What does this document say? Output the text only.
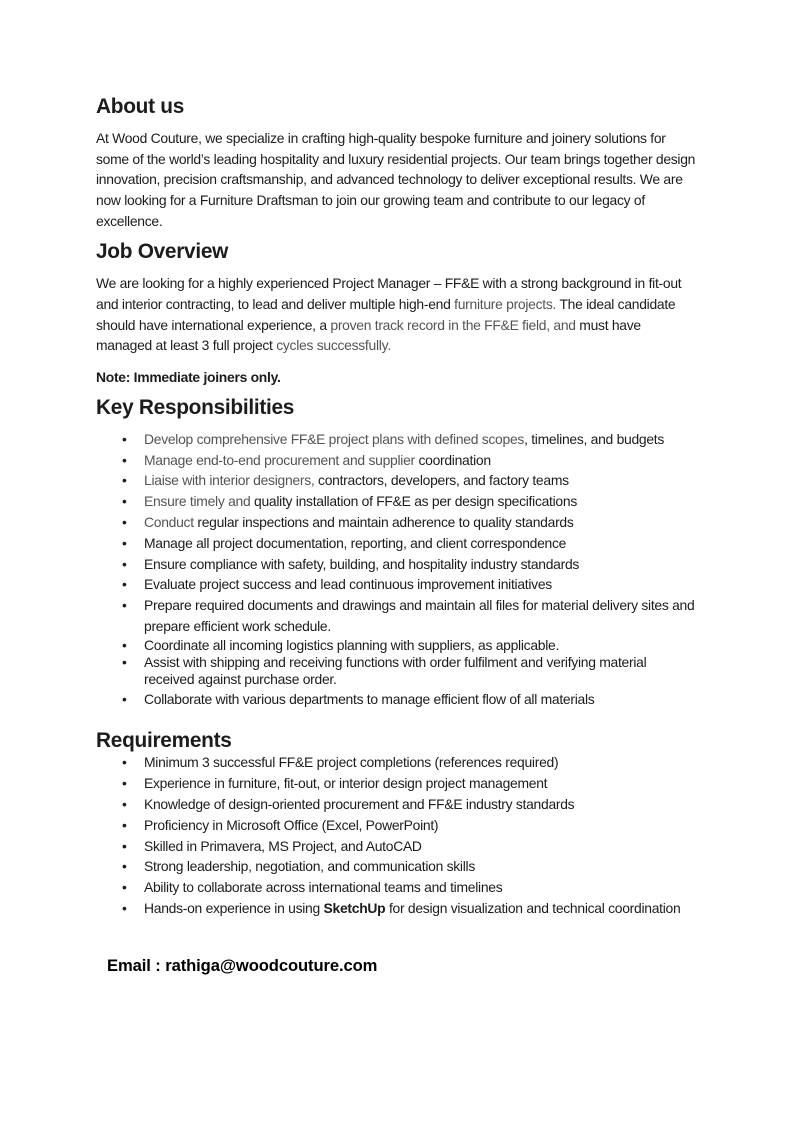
About us

At Wood Couture, we specialize in crafting high-quality bespoke furniture and joinery solutions for some of the world’s leading hospitality and luxury residential projects. Our team brings together design innovation, precision craftsmanship, and advanced technology to deliver exceptional results. We are now looking for a Furniture Draftsman to join our growing team and contribute to our legacy of excellence.

Job Overview

We are looking for a highly experienced Project Manager – FF&E with a strong background in fit-out and interior contracting, to lead and deliver multiple high-end furniture projects. The ideal candidate should have international experience, a proven track record in the FF&E field, and must have managed at least 3 full project cycles successfully.

Note: Immediate joiners only.

Key Responsibilities
• Develop comprehensive FF&E project plans with defined scopes, timelines, and budgets
• Manage end-to-end procurement and supplier coordination
• Liaise with interior designers, contractors, developers, and factory teams
• Ensure timely and quality installation of FF&E as per design specifications
• Conduct regular inspections and maintain adherence to quality standards
• Manage all project documentation, reporting, and client correspondence
• Ensure compliance with safety, building, and hospitality industry standards
• Evaluate project success and lead continuous improvement initiatives
• Prepare required documents and drawings and maintain all files for material delivery sites and prepare efficient work schedule.
• Coordinate all incoming logistics planning with suppliers, as applicable.
• Assist with shipping and receiving functions with order fulfilment and verifying material received against purchase order.
• Collaborate with various departments to manage efficient flow of all materials
Requirements
• Minimum 3 successful FF&E project completions (references required)
• Experience in furniture, fit-out, or interior design project management
• Knowledge of design-oriented procurement and FF&E industry standards
• Proficiency in Microsoft Office (Excel, PowerPoint)
• Skilled in Primavera, MS Project, and AutoCAD
• Strong leadership, negotiation, and communication skills
• Ability to collaborate across international teams and timelines
• Hands-on experience in using SketchUp for design visualization and technical coordination

Email : rathiga@woodcouture.com
